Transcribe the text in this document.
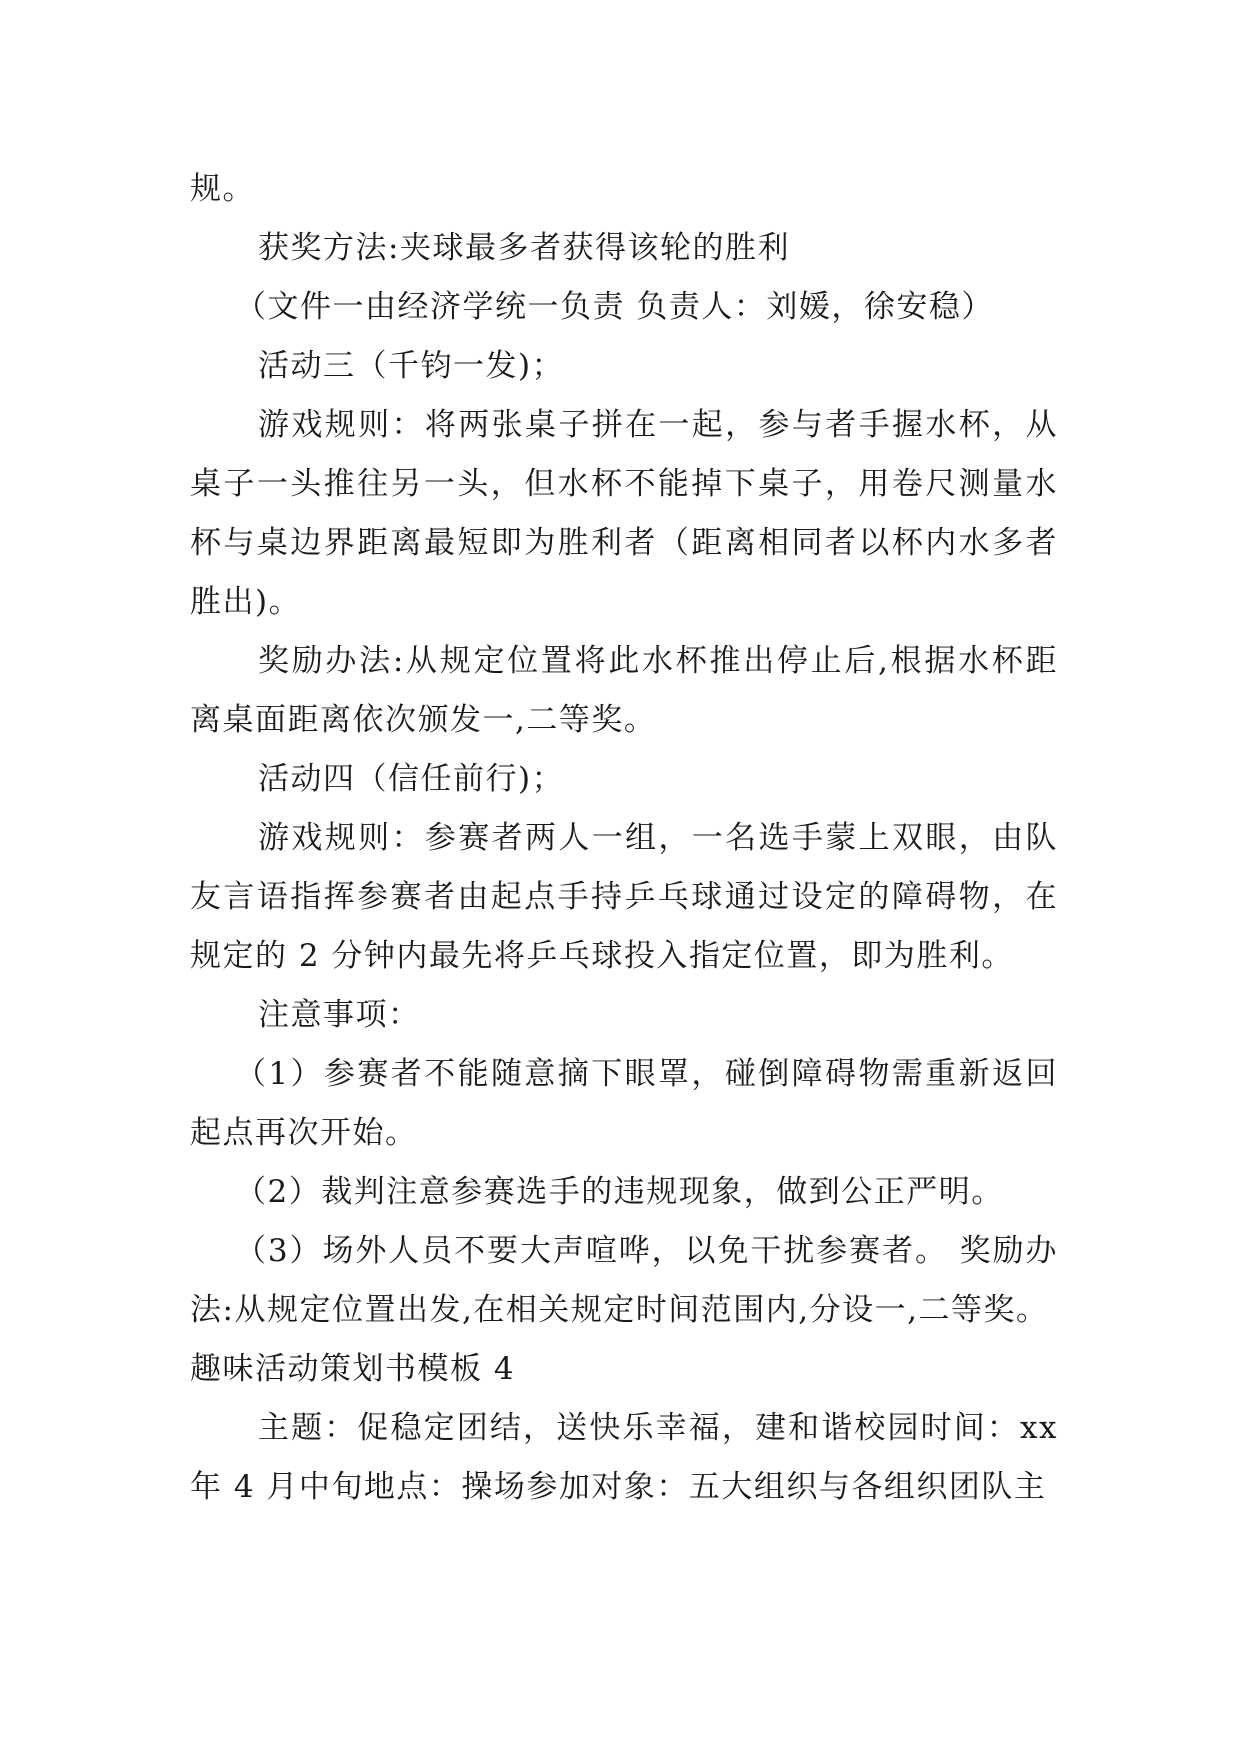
规。

获奖方法:夹球最多者获得该轮的胜利

（文件一由经济学统一负责 负责人：刘媛，徐安稳）

活动三（千钧一发)；

游戏规则：将两张桌子拼在一起，参与者手握水杯，从桌子一头推往另一头，但水杯不能掉下桌子，用卷尺测量水杯与桌边界距离最短即为胜利者（距离相同者以杯内水多者胜出)。

奖励办法:从规定位置将此水杯推出停止后,根据水杯距离桌面距离依次颁发一,二等奖。

活动四（信任前行)；

游戏规则：参赛者两人一组，一名选手蒙上双眼，由队友言语指挥参赛者由起点手持乒乓球通过设定的障碍物，在规定的 2 分钟内最先将乒乓球投入指定位置，即为胜利。

注意事项：

（1）参赛者不能随意摘下眼罩，碰倒障碍物需重新返回起点再次开始。

（2）裁判注意参赛选手的违规现象，做到公正严明。

（3）场外人员不要大声喧哗，以免干扰参赛者。 奖励办法:从规定位置出发,在相关规定时间范围内,分设一,二等奖。

趣味活动策划书模板 4

主题：促稳定团结，送快乐幸福，建和谐校园时间：xx年 4 月中旬地点：操场参加对象：五大组织与各组织团队主
